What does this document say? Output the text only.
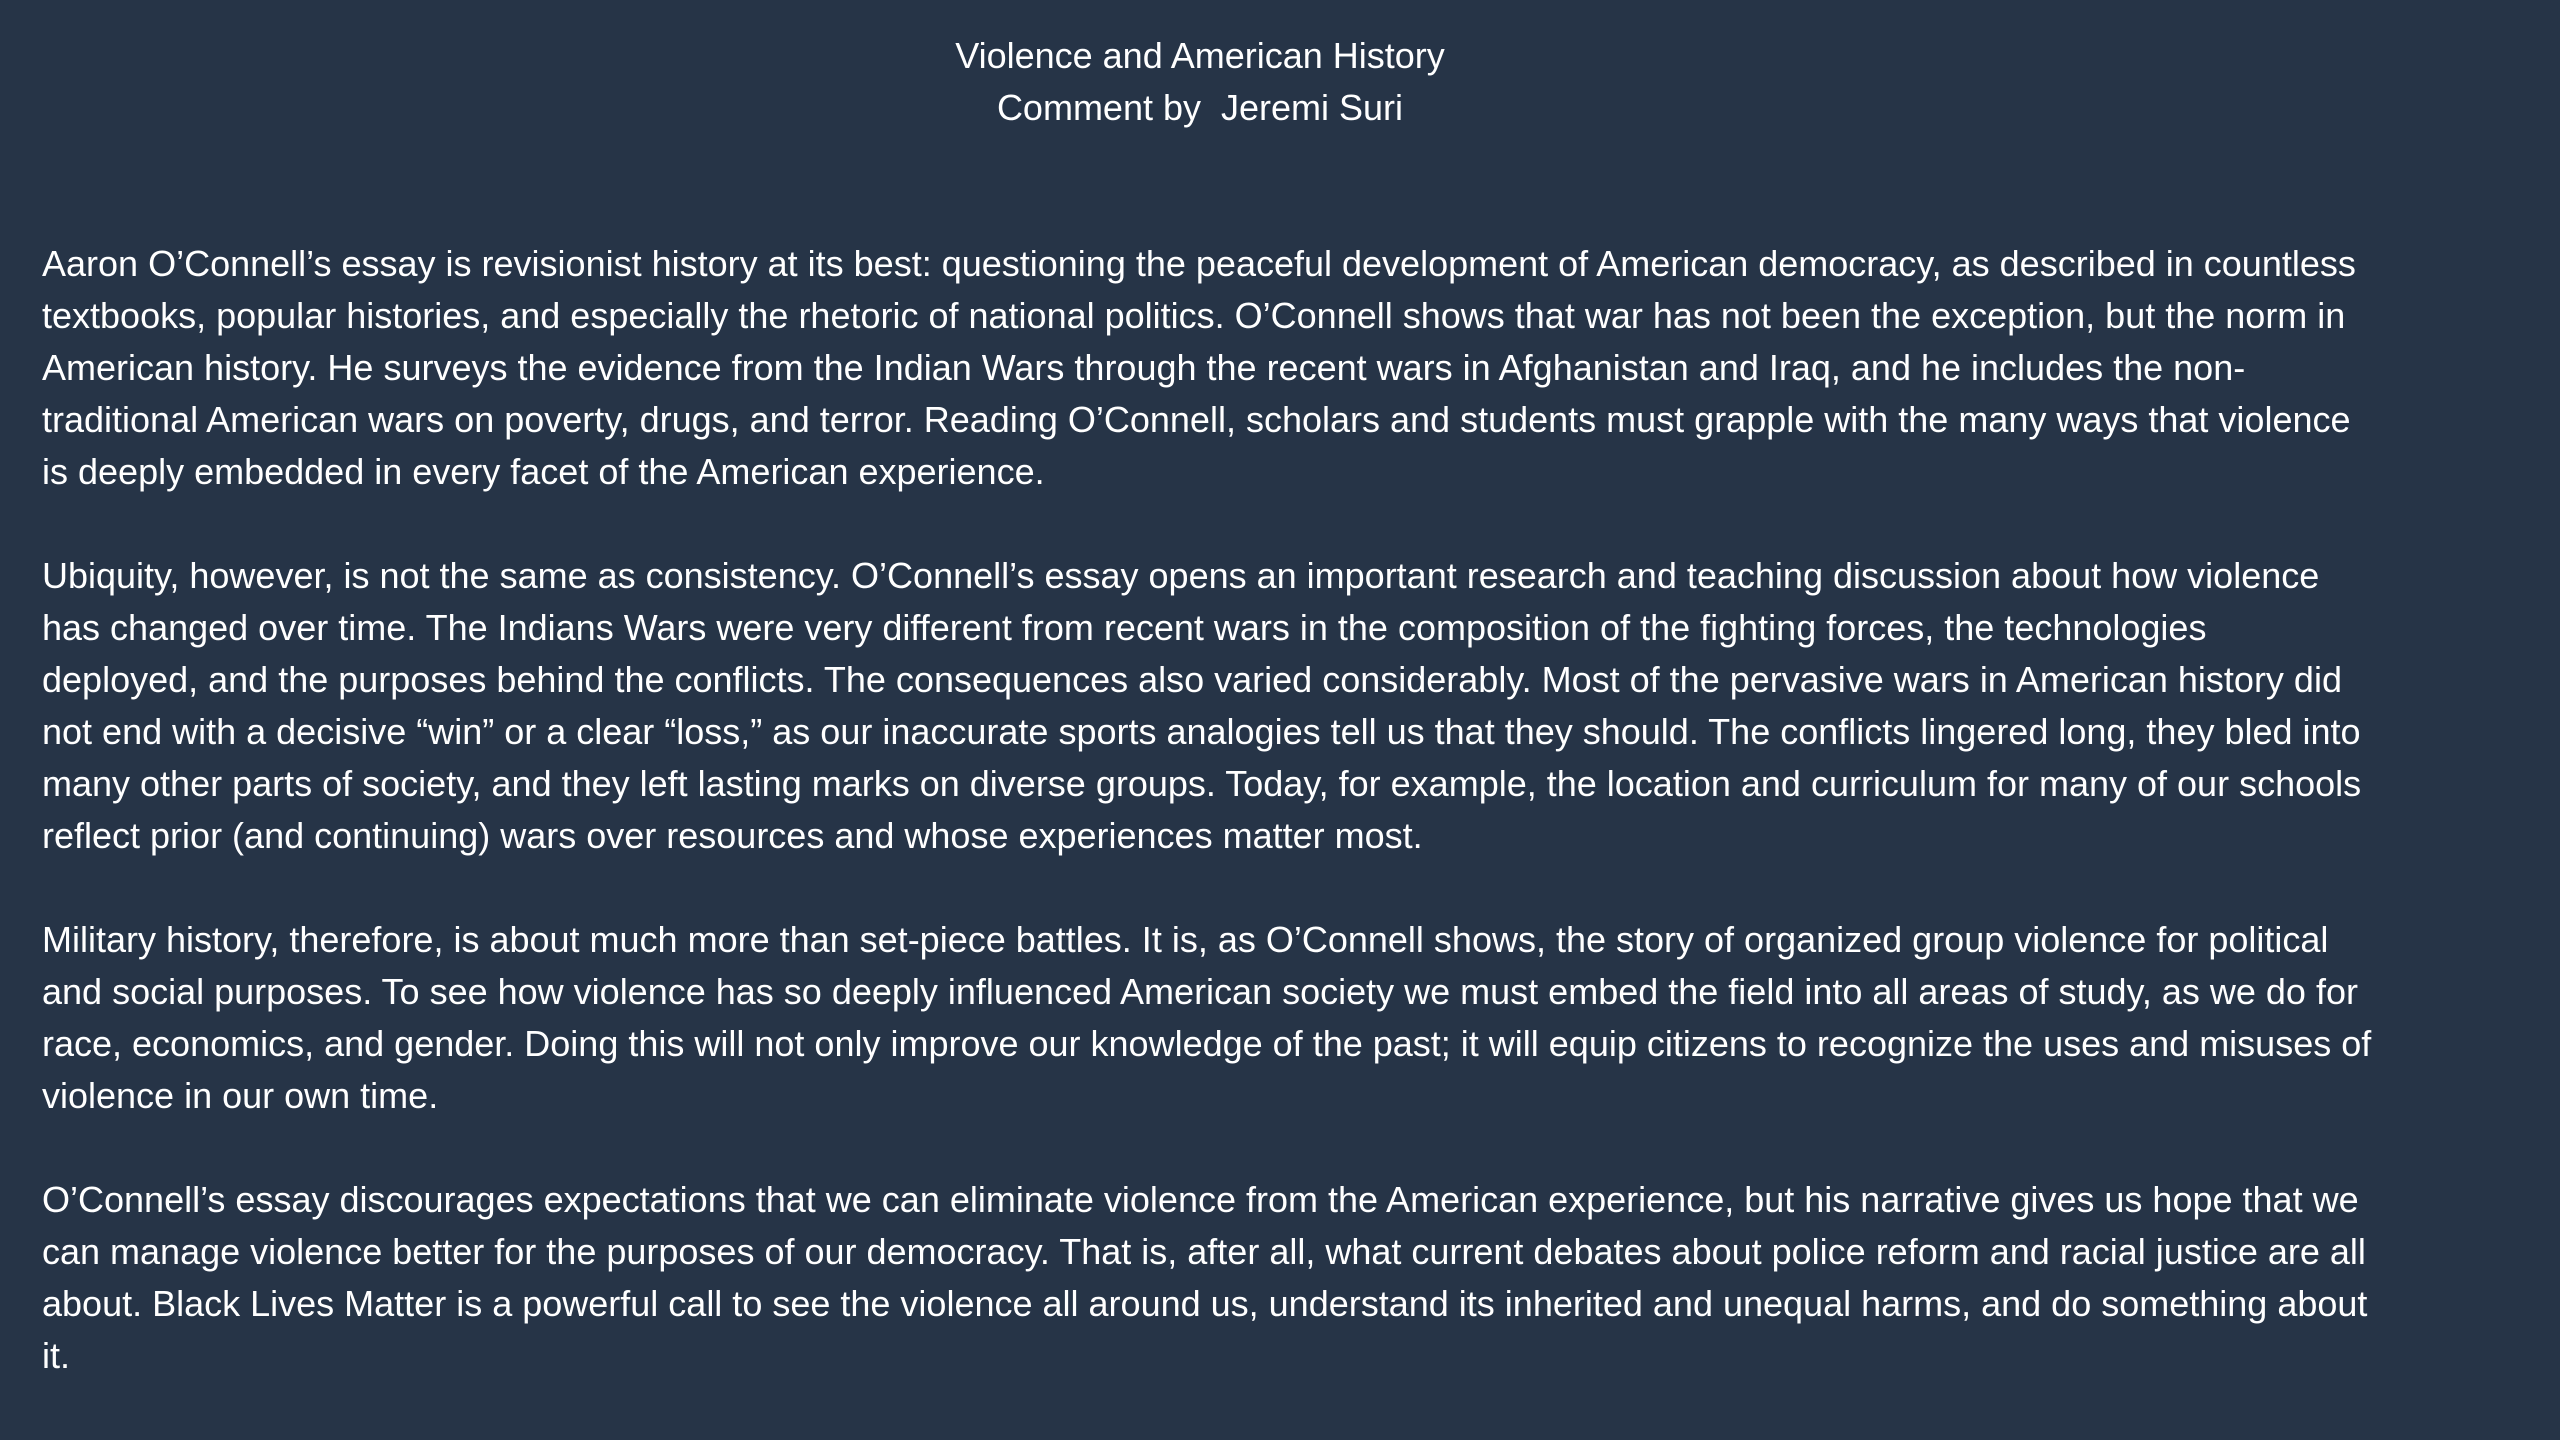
Violence and American History
Comment by  Jeremi Suri

Aaron O’Connell’s essay is revisionist history at its best: questioning the peaceful development of American democracy, as described in countless textbooks, popular histories, and especially the rhetoric of national politics. O’Connell shows that war has not been the exception, but the norm in American history. He surveys the evidence from the Indian Wars through the recent wars in Afghanistan and Iraq, and he includes the non-traditional American wars on poverty, drugs, and terror. Reading O’Connell, scholars and students must grapple with the many ways that violence is deeply embedded in every facet of the American experience.

Ubiquity, however, is not the same as consistency. O’Connell’s essay opens an important research and teaching discussion about how violence has changed over time. The Indians Wars were very different from recent wars in the composition of the fighting forces, the technologies deployed, and the purposes behind the conflicts. The consequences also varied considerably. Most of the pervasive wars in American history did not end with a decisive “win” or a clear “loss,” as our inaccurate sports analogies tell us that they should. The conflicts lingered long, they bled into many other parts of society, and they left lasting marks on diverse groups. Today, for example, the location and curriculum for many of our schools reflect prior (and continuing) wars over resources and whose experiences matter most.

Military history, therefore, is about much more than set-piece battles. It is, as O’Connell shows, the story of organized group violence for political and social purposes. To see how violence has so deeply influenced American society we must embed the field into all areas of study, as we do for race, economics, and gender. Doing this will not only improve our knowledge of the past; it will equip citizens to recognize the uses and misuses of violence in our own time.

O’Connell’s essay discourages expectations that we can eliminate violence from the American experience, but his narrative gives us hope that we can manage violence better for the purposes of our democracy. That is, after all, what current debates about police reform and racial justice are all about. Black Lives Matter is a powerful call to see the violence all around us, understand its inherited and unequal harms, and do something about it.
